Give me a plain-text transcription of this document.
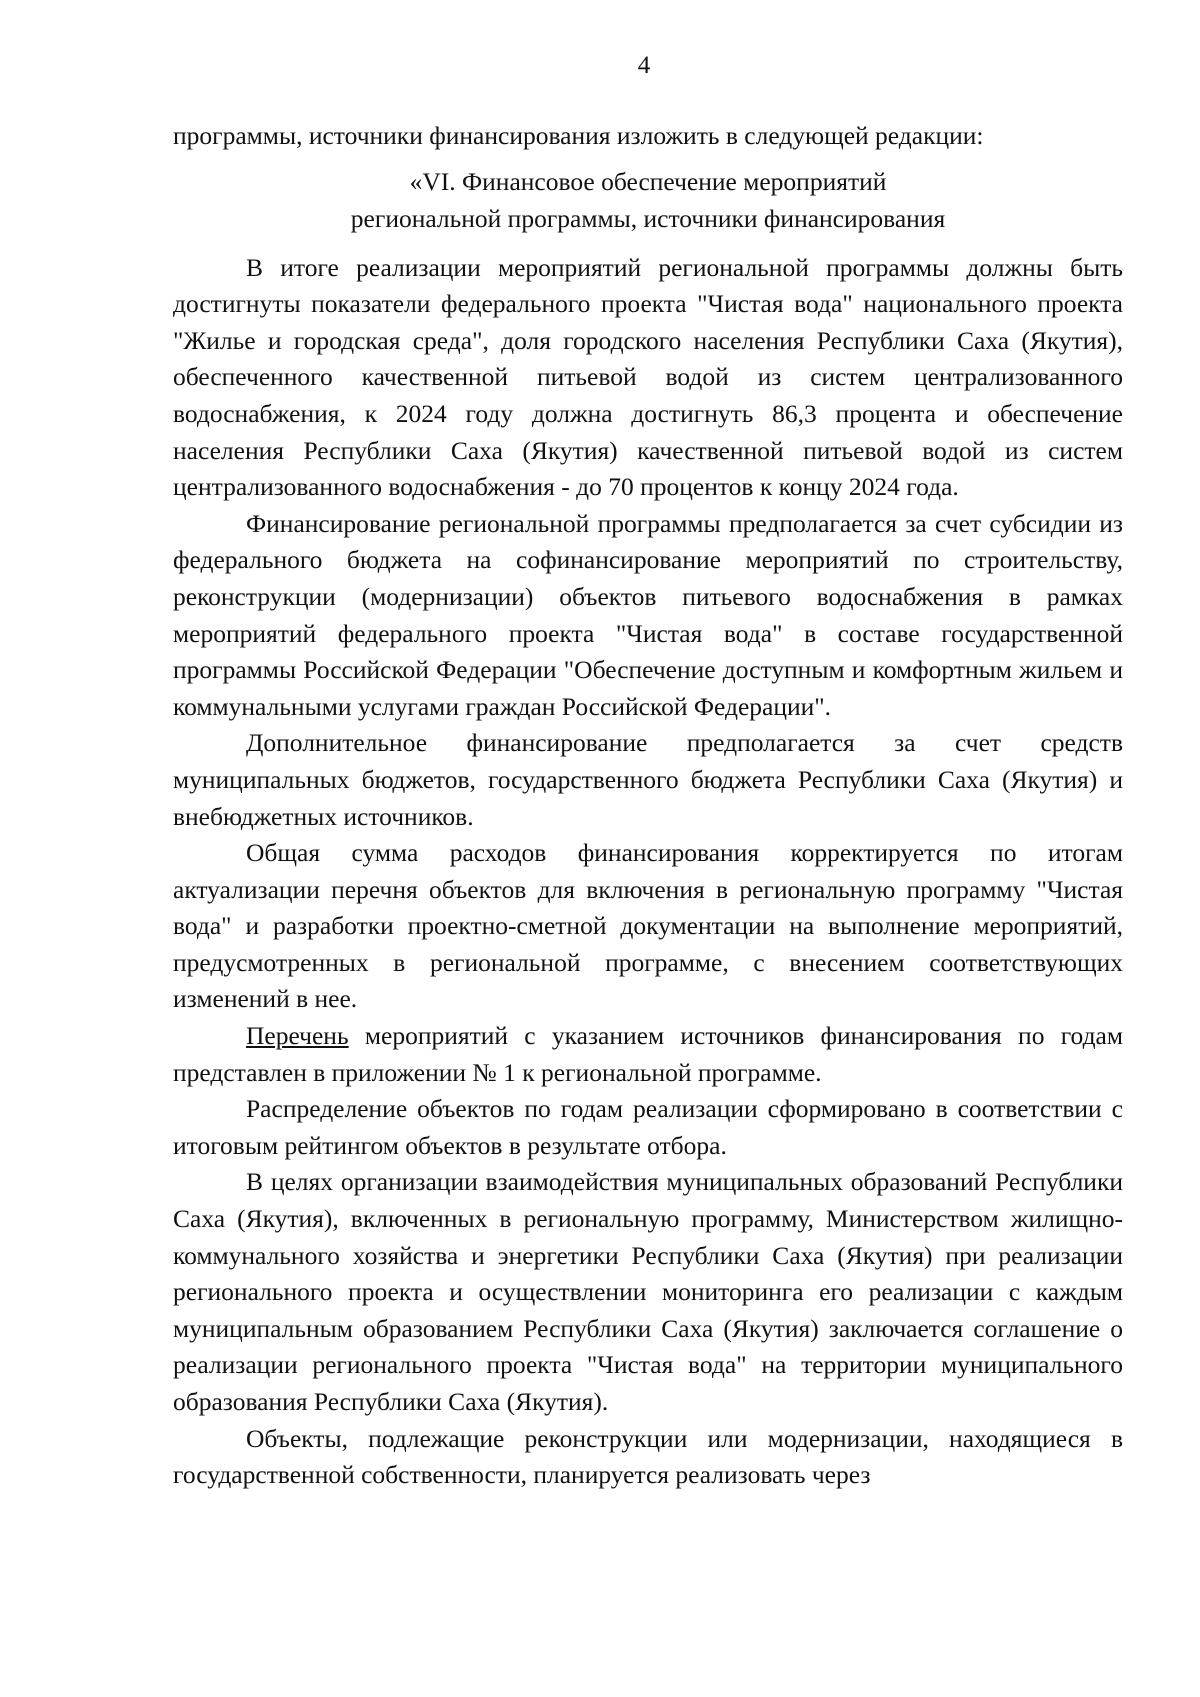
4

программы, источники финансирования изложить в следующей редакции:

«VI. Финансовое обеспечение мероприятий
региональной программы, источники финансирования

В итоге реализации мероприятий региональной программы должны быть достигнуты показатели федерального проекта "Чистая вода" национального проекта "Жилье и городская среда", доля городского населения Республики Саха (Якутия), обеспеченного качественной питьевой водой из систем централизованного водоснабжения, к 2024 году должна достигнуть 86,3 процента и обеспечение населения Республики Саха (Якутия) качественной питьевой водой из систем централизованного водоснабжения - до 70 процентов к концу 2024 года.

Финансирование региональной программы предполагается за счет субсидии из федерального бюджета на софинансирование мероприятий по строительству, реконструкции (модернизации) объектов питьевого водоснабжения в рамках мероприятий федерального проекта "Чистая вода" в составе государственной программы Российской Федерации "Обеспечение доступным и комфортным жильем и коммунальными услугами граждан Российской Федерации".

Дополнительное финансирование предполагается за счет средств муниципальных бюджетов, государственного бюджета Республики Саха (Якутия) и внебюджетных источников.

Общая сумма расходов финансирования корректируется по итогам актуализации перечня объектов для включения в региональную программу "Чистая вода" и разработки проектно-сметной документации на выполнение мероприятий, предусмотренных в региональной программе, с внесением соответствующих изменений в нее.

Перечень мероприятий с указанием источников финансирования по годам представлен в приложении № 1 к региональной программе.

Распределение объектов по годам реализации сформировано в соответствии с итоговым рейтингом объектов в результате отбора.

В целях организации взаимодействия муниципальных образований Республики Саха (Якутия), включенных в региональную программу, Министерством жилищно-коммунального хозяйства и энергетики Республики Саха (Якутия) при реализации регионального проекта и осуществлении мониторинга его реализации с каждым муниципальным образованием Республики Саха (Якутия) заключается соглашение о реализации регионального проекта "Чистая вода" на территории муниципального образования Республики Саха (Якутия).

Объекты, подлежащие реконструкции или модернизации, находящиеся в государственной собственности, планируется реализовать через
